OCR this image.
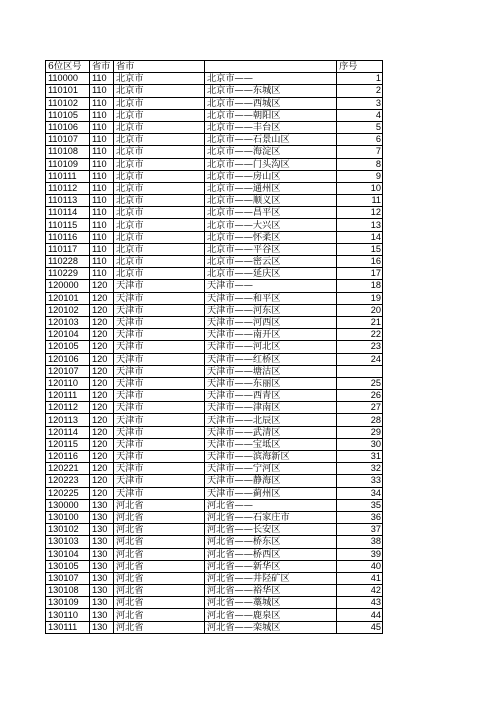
6位区号	省市	省市		序号
110000	110	北京市	北京市——	1
110101	110	北京市	北京市——东城区	2
110102	110	北京市	北京市——西城区	3
110105	110	北京市	北京市——朝阳区	4
110106	110	北京市	北京市——丰台区	5
110107	110	北京市	北京市——石景山区	6
110108	110	北京市	北京市——海淀区	7
110109	110	北京市	北京市——门头沟区	8
110111	110	北京市	北京市——房山区	9
110112	110	北京市	北京市——通州区	10
110113	110	北京市	北京市——顺义区	11
110114	110	北京市	北京市——昌平区	12
110115	110	北京市	北京市——大兴区	13
110116	110	北京市	北京市——怀柔区	14
110117	110	北京市	北京市——平谷区	15
110228	110	北京市	北京市——密云区	16
110229	110	北京市	北京市——延庆区	17
120000	120	天津市	天津市——	18
120101	120	天津市	天津市——和平区	19
120102	120	天津市	天津市——河东区	20
120103	120	天津市	天津市——河西区	21
120104	120	天津市	天津市——南开区	22
120105	120	天津市	天津市——河北区	23
120106	120	天津市	天津市——红桥区	24
120107	120	天津市	天津市——塘沽区	
120110	120	天津市	天津市——东丽区	25
120111	120	天津市	天津市——西青区	26
120112	120	天津市	天津市——津南区	27
120113	120	天津市	天津市——北辰区	28
120114	120	天津市	天津市——武清区	29
120115	120	天津市	天津市——宝坻区	30
120116	120	天津市	天津市——滨海新区	31
120221	120	天津市	天津市——宁河区	32
120223	120	天津市	天津市——静海区	33
120225	120	天津市	天津市——蓟州区	34
130000	130	河北省	河北省——	35
130100	130	河北省	河北省——石家庄市	36
130102	130	河北省	河北省——长安区	37
130103	130	河北省	河北省——桥东区	38
130104	130	河北省	河北省——桥西区	39
130105	130	河北省	河北省——新华区	40
130107	130	河北省	河北省——井陉矿区	41
130108	130	河北省	河北省——裕华区	42
130109	130	河北省	河北省——藁城区	43
130110	130	河北省	河北省——鹿泉区	44
130111	130	河北省	河北省——栾城区	45
